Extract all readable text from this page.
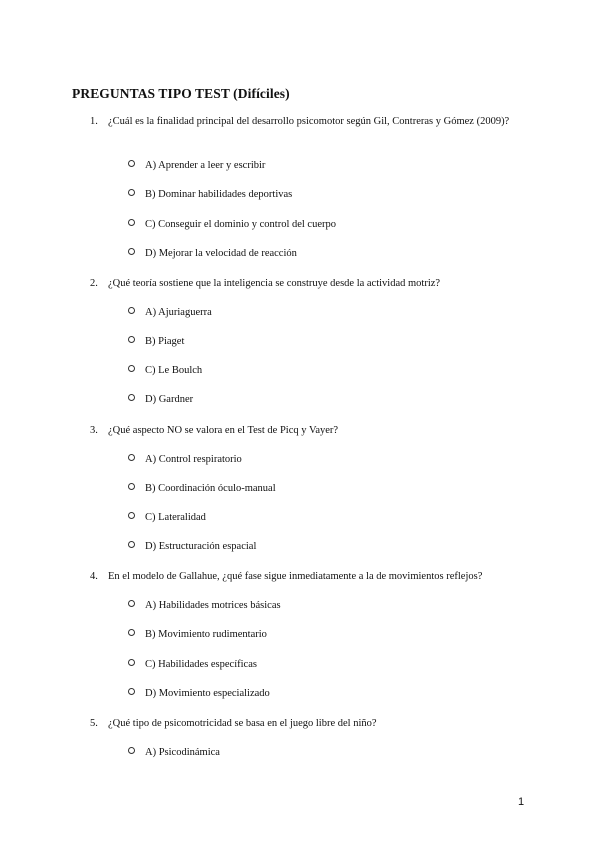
PREGUNTAS TIPO TEST (Difíciles)
1. ¿Cuál es la finalidad principal del desarrollo psicomotor según Gil, Contreras y Gómez (2009)?
A) Aprender a leer y escribir
B) Dominar habilidades deportivas
C) Conseguir el dominio y control del cuerpo
D) Mejorar la velocidad de reacción
2. ¿Qué teoría sostiene que la inteligencia se construye desde la actividad motriz?
A) Ajuriaguerra
B) Piaget
C) Le Boulch
D) Gardner
3. ¿Qué aspecto NO se valora en el Test de Picq y Vayer?
A) Control respiratorio
B) Coordinación óculo-manual
C) Lateralidad
D) Estructuración espacial
4. En el modelo de Gallahue, ¿qué fase sigue inmediatamente a la de movimientos reflejos?
A) Habilidades motrices básicas
B) Movimiento rudimentario
C) Habilidades específicas
D) Movimiento especializado
5. ¿Qué tipo de psicomotricidad se basa en el juego libre del niño?
A) Psicodinámica
1
